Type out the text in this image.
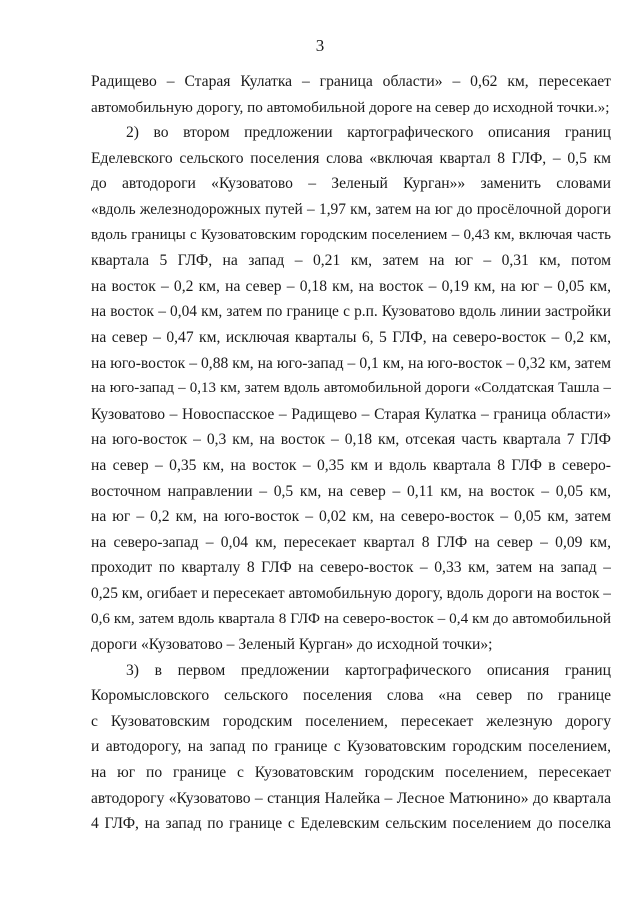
3
Радищево – Старая Кулатка – граница области» – 0,62 км, пересекает
автомобильную дорогу, по автомобильной дороге на север до исходной точки.»;
2) во втором предложении картографического описания границ
Еделевского сельского поселения слова «включая квартал 8 ГЛФ, – 0,5 км
до автодороги «Кузоватово – Зеленый Курган»» заменить словами
«вдоль железнодорожных путей – 1,97 км, затем на юг до просёлочной дороги
вдоль границы с Кузоватовским городским поселением – 0,43 км, включая часть
квартала 5 ГЛФ, на запад – 0,21 км, затем на юг – 0,31 км, потом
на восток – 0,2 км, на север – 0,18 км, на восток – 0,19 км, на юг – 0,05 км,
на восток – 0,04 км, затем по границе с р.п. Кузоватово вдоль линии застройки
на север – 0,47 км, исключая кварталы 6, 5 ГЛФ, на северо-восток – 0,2 км,
на юго-восток – 0,88 км, на юго-запад – 0,1 км, на юго-восток – 0,32 км, затем
на юго-запад – 0,13 км, затем вдоль автомобильной дороги «Солдатская Ташла –
Кузоватово – Новоспасское – Радищево – Старая Кулатка – граница области»
на юго-восток – 0,3 км, на восток – 0,18 км, отсекая часть квартала 7 ГЛФ
на север – 0,35 км, на восток – 0,35 км и вдоль квартала 8 ГЛФ в северо-
восточном направлении – 0,5 км, на север – 0,11 км, на восток – 0,05 км,
на юг – 0,2 км, на юго-восток – 0,02 км, на северо-восток – 0,05 км, затем
на северо-запад – 0,04 км, пересекает квартал 8 ГЛФ на север – 0,09 км,
проходит по кварталу 8 ГЛФ на северо-восток – 0,33 км, затем на запад –
0,25 км, огибает и пересекает автомобильную дорогу, вдоль дороги на восток –
0,6 км, затем вдоль квартала 8 ГЛФ на северо-восток – 0,4 км до автомобильной
дороги «Кузоватово – Зеленый Курган» до исходной точки»;
3) в первом предложении картографического описания границ
Коромысловского сельского поселения слова «на север по границе
с Кузоватовским городским поселением, пересекает железную дорогу
и автодорогу, на запад по границе с Кузоватовским городским поселением,
на юг по границе с Кузоватовским городским поселением, пересекает
автодорогу «Кузоватово – станция Налейка – Лесное Матюнино» до квартала
4 ГЛФ, на запад по границе с Еделевским сельским поселением до поселка
